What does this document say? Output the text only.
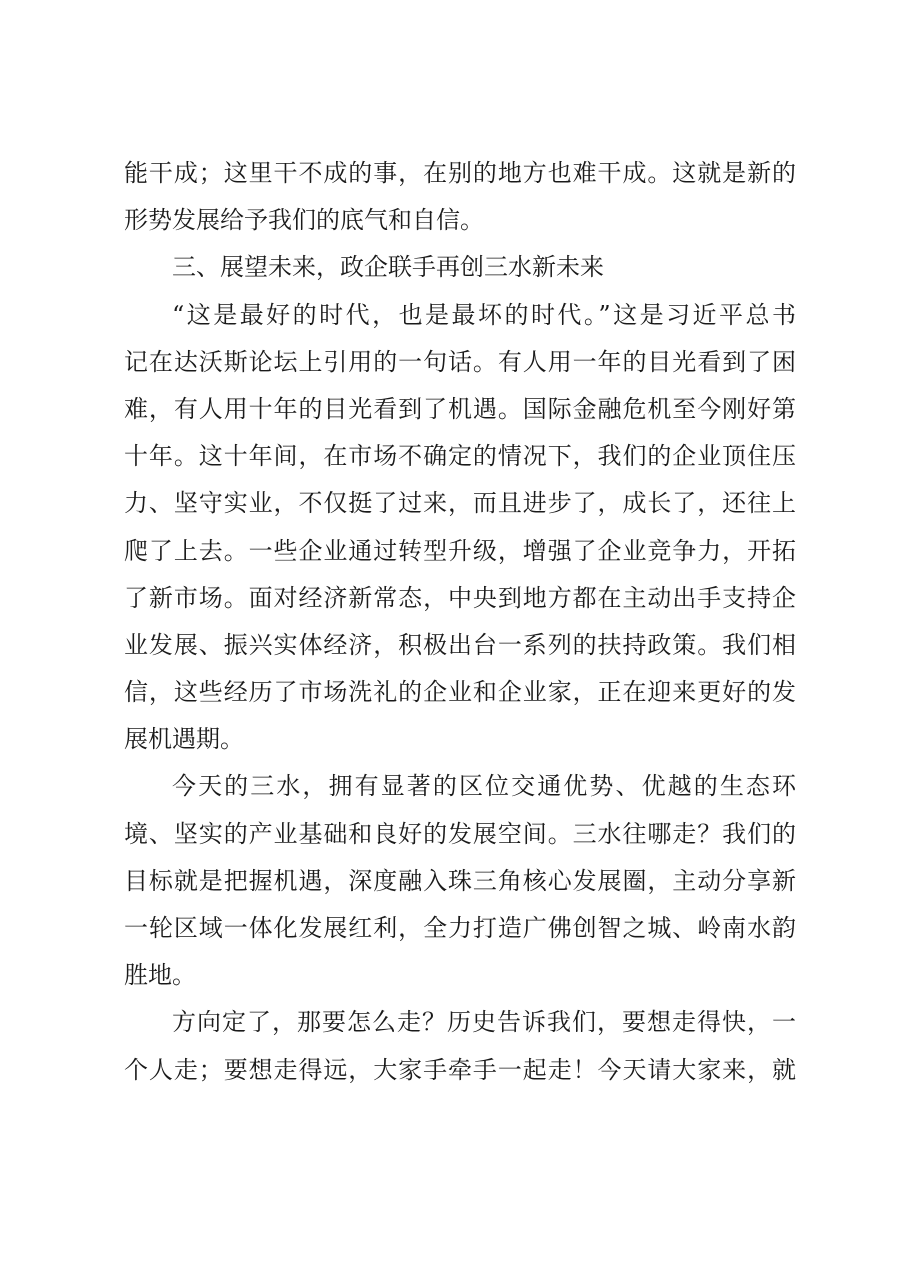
能干成；这里干不成的事，在别的地方也难干成。这就是新的
形势发展给予我们的底气和自信。
三、展望未来，政企联手再创三水新未来
“这是最好的时代，也是最坏的时代。”这是习近平总书
记在达沃斯论坛上引用的一句话。有人用一年的目光看到了困
难，有人用十年的目光看到了机遇。国际金融危机至今刚好第
十年。这十年间，在市场不确定的情况下，我们的企业顶住压
力、坚守实业，不仅挺了过来，而且进步了，成长了，还往上
爬了上去。一些企业通过转型升级，增强了企业竞争力，开拓
了新市场。面对经济新常态，中央到地方都在主动出手支持企
业发展、振兴实体经济，积极出台一系列的扶持政策。我们相
信，这些经历了市场洗礼的企业和企业家，正在迎来更好的发
展机遇期。
今天的三水，拥有显著的区位交通优势、优越的生态环
境、坚实的产业基础和良好的发展空间。三水往哪走？我们的
目标就是把握机遇，深度融入珠三角核心发展圈，主动分享新
一轮区域一体化发展红利，全力打造广佛创智之城、岭南水韵
胜地。
方向定了，那要怎么走？历史告诉我们，要想走得快，一
个人走；要想走得远，大家手牵手一起走！今天请大家来，就
